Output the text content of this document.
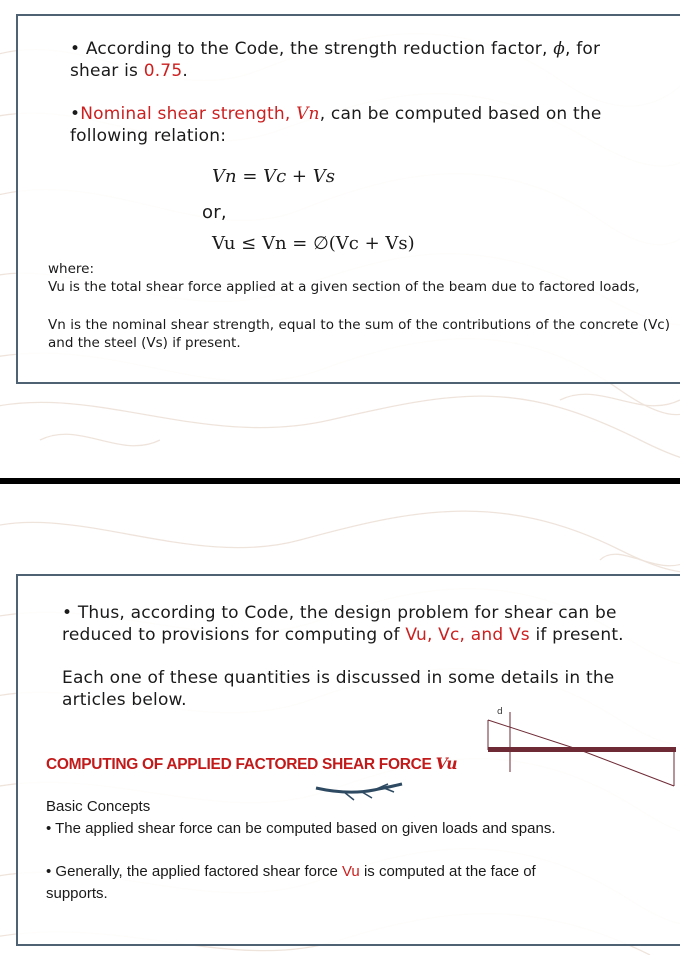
• According to the Code, the strength reduction factor, ϕ, for

shear is 0.75.

•Nominal shear strength, Vn, can be computed based on the

following relation:

Vn = Vc + Vs

or,

Vu ≤ Vn = ∅(Vc + Vs)

where:

Vu is the total shear force applied at a given section of the beam due to factored loads,

Vn is the nominal shear strength, equal to the sum of the contributions of the concrete (Vc) and the steel (Vs) if present.

• Thus, according to Code, the design problem for shear can be

reduced to provisions for computing of Vu, Vc, and Vs if present.

Each one of these quantities is discussed in some details in the

articles below.

d

COMPUTING OF APPLIED FACTORED SHEAR FORCE Vu

Basic Concepts

• The applied shear force can be computed based on given loads and spans.

• Generally, the applied factored shear force Vu is computed at the face of

supports.
